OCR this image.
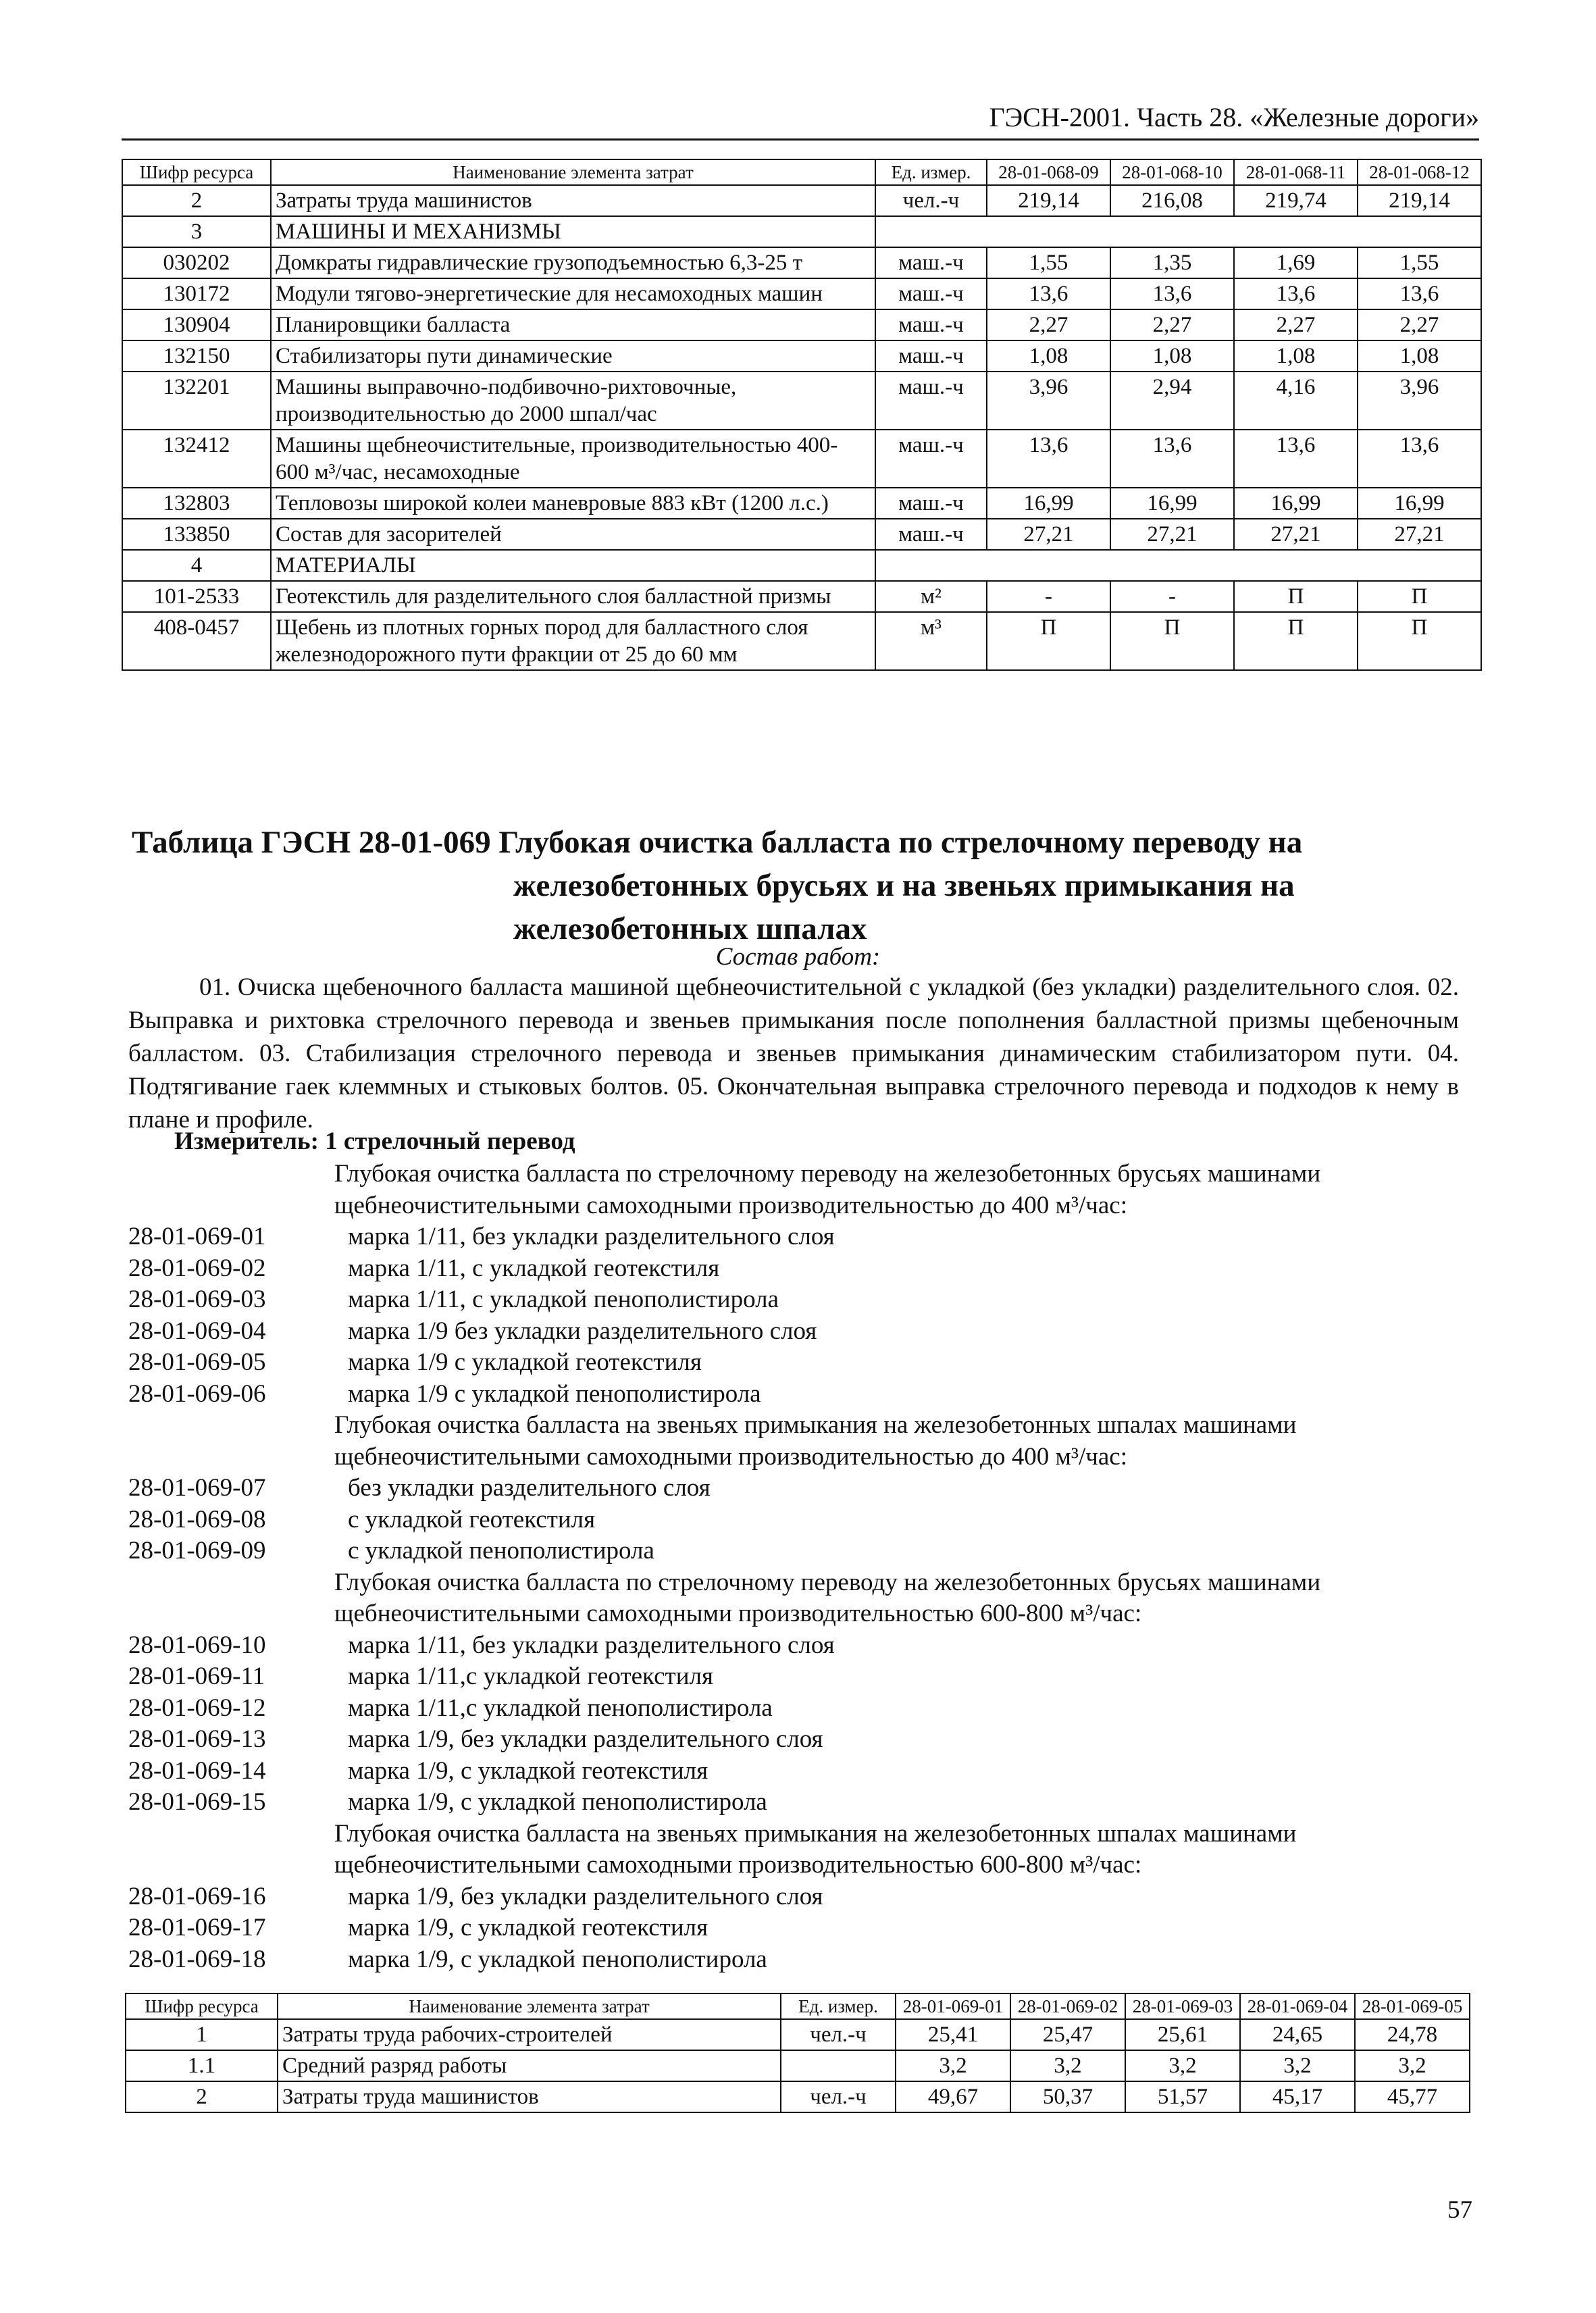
ГЭСН-2001. Часть 28. «Железные дороги»
Шифр ресурса	Наименование элемента затрат	Ед. измер.	28-01-068-09	28-01-068-10	28-01-068-11	28-01-068-12
2	Затраты труда машинистов	чел.-ч	219,14	216,08	219,74	219,14
3	МАШИНЫ И МЕХАНИЗМЫ					
030202	Домкраты гидравлические грузоподъемностью 6,3-25 т	маш.-ч	1,55	1,35	1,69	1,55
130172	Модули тягово-энергетические для несамоходных машин	маш.-ч	13,6	13,6	13,6	13,6
130904	Планировщики балласта	маш.-ч	2,27	2,27	2,27	2,27
132150	Стабилизаторы пути динамические	маш.-ч	1,08	1,08	1,08	1,08
132201	Машины выправочно-подбивочно-рихтовочные, производительностью до 2000 шпал/час	маш.-ч	3,96	2,94	4,16	3,96
132412	Машины щебнеочистительные, производительностью 400-600 м³/час, несамоходные	маш.-ч	13,6	13,6	13,6	13,6
132803	Тепловозы широкой колеи маневровые 883 кВт (1200 л.с.)	маш.-ч	16,99	16,99	16,99	16,99
133850	Состав для засорителей	маш.-ч	27,21	27,21	27,21	27,21
4	МАТЕРИАЛЫ					
101-2533	Геотекстиль для разделительного слоя балластной призмы	м²	-	-	П	П
408-0457	Щебень из плотных горных пород для балластного слоя железнодорожного пути фракции от 25 до 60 мм	м³	П	П	П	П
Таблица ГЭСН 28-01-069 Глубокая очистка балласта по стрелочному переводу на
железобетонных брусьях и на звеньях примыкания на
железобетонных шпалах
Состав работ:
01. Очиска щебеночного балласта машиной щебнеочистительной с укладкой (без укладки) разделительного слоя. 02. Выправка и рихтовка стрелочного перевода и звеньев примыкания после пополнения балластной призмы щебеночным балластом. 03. Стабилизация стрелочного перевода и звеньев примыкания динамическим стабилизатором пути. 04. Подтягивание гаек клеммных и стыковых болтов. 05. Окончательная выправка стрелочного перевода и подходов к нему в плане и профиле.
Измеритель: 1 стрелочный перевод
Глубокая очистка балласта по стрелочному переводу на железобетонных брусьях машинами щебнеочистительными самоходными производительностью до 400 м³/час:
28-01-069-01	марка 1/11, без укладки разделительного слоя
28-01-069-02	марка 1/11, с укладкой геотекстиля
28-01-069-03	марка 1/11, с укладкой пенополистирола
28-01-069-04	марка 1/9 без укладки разделительного слоя
28-01-069-05	марка 1/9 с укладкой геотекстиля
28-01-069-06	марка 1/9 с укладкой пенополистирола
Глубокая очистка балласта на звеньях примыкания на железобетонных шпалах машинами щебнеочистительными самоходными производительностью до 400 м³/час:
28-01-069-07	без укладки разделительного слоя
28-01-069-08	с укладкой геотекстиля
28-01-069-09	с укладкой пенополистирола
Глубокая очистка балласта по стрелочному переводу на железобетонных брусьях машинами щебнеочистительными самоходными производительностью 600-800 м³/час:
28-01-069-10	марка 1/11, без укладки разделительного слоя
28-01-069-11	марка 1/11,с укладкой геотекстиля
28-01-069-12	марка 1/11,с укладкой пенополистирола
28-01-069-13	марка 1/9, без укладки разделительного слоя
28-01-069-14	марка 1/9, с укладкой геотекстиля
28-01-069-15	марка 1/9, с укладкой пенополистирола
Глубокая очистка балласта на звеньях примыкания на железобетонных шпалах машинами щебнеочистительными самоходными производительностью 600-800 м³/час:
28-01-069-16	марка 1/9, без укладки разделительного слоя
28-01-069-17	марка 1/9, с укладкой геотекстиля
28-01-069-18	марка 1/9, с укладкой пенополистирола
Шифр ресурса	Наименование элемента затрат	Ед. измер.	28-01-069-01	28-01-069-02	28-01-069-03	28-01-069-04	28-01-069-05
1	Затраты труда рабочих-строителей	чел.-ч	25,41	25,47	25,61	24,65	24,78
1.1	Средний разряд работы		3,2	3,2	3,2	3,2	3,2
2	Затраты труда машинистов	чел.-ч	49,67	50,37	51,57	45,17	45,77
57
